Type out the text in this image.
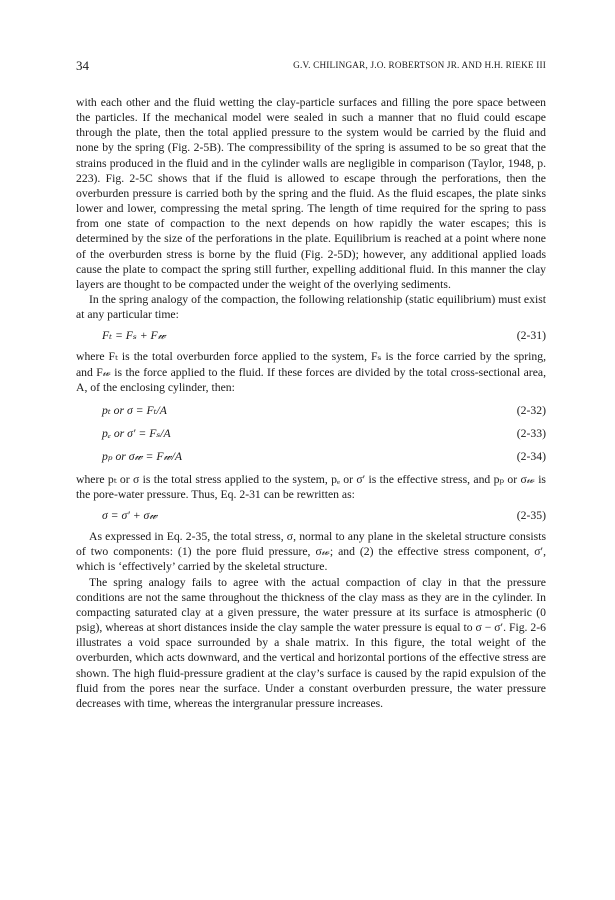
34	G.V. CHILINGAR, J.O. ROBERTSON JR. AND H.H. RIEKE III

with each other and the fluid wetting the clay-particle surfaces and filling the pore space between the particles. If the mechanical model were sealed in such a manner that no fluid could escape through the plate, then the total applied pressure to the system would be carried by the fluid and none by the spring (Fig. 2-5B). The compressibility of the spring is assumed to be so great that the strains produced in the fluid and in the cylinder walls are negligible in comparison (Taylor, 1948, p. 223). Fig. 2-5C shows that if the fluid is allowed to escape through the perforations, then the overburden pressure is carried both by the spring and the fluid. As the fluid escapes, the plate sinks lower and lower, compressing the metal spring. The length of time required for the spring to pass from one state of compaction to the next depends on how rapidly the water escapes; this is determined by the size of the perforations in the plate. Equilibrium is reached at a point where none of the overburden stress is borne by the fluid (Fig. 2-5D); however, any additional applied loads cause the plate to compact the spring still further, expelling additional fluid. In this manner the clay layers are thought to be compacted under the weight of the overlying sediments.

In the spring analogy of the compaction, the following relationship (static equilibrium) must exist at any particular time:

Fₜ = Fₛ + F𝓌	(2-31)

where Fₜ is the total overburden force applied to the system, Fₛ is the force carried by the spring, and F𝓌 is the force applied to the fluid. If these forces are divided by the total cross-sectional area, A, of the enclosing cylinder, then:

pₜ or σ = Fₜ/A	(2-32)
pₑ or σ′ = Fₛ/A	(2-33)
pₚ or σ𝓌 = F𝓌/A	(2-34)

where pₜ or σ is the total stress applied to the system, pₑ or σ′ is the effective stress, and pₚ or σ𝓌 is the pore-water pressure. Thus, Eq. 2-31 can be rewritten as:

σ = σ′ + σ𝓌	(2-35)

As expressed in Eq. 2-35, the total stress, σ, normal to any plane in the skeletal structure consists of two components: (1) the pore fluid pressure, σ𝓌; and (2) the effective stress component, σ′, which is ‘effectively’ carried by the skeletal structure.

The spring analogy fails to agree with the actual compaction of clay in that the pressure conditions are not the same throughout the thickness of the clay mass as they are in the cylinder. In compacting saturated clay at a given pressure, the water pressure at its surface is atmospheric (0 psig), whereas at short distances inside the clay sample the water pressure is equal to σ − σ′. Fig. 2-6 illustrates a void space surrounded by a shale matrix. In this figure, the total weight of the overburden, which acts downward, and the vertical and horizontal portions of the effective stress are shown. The high fluid-pressure gradient at the clay’s surface is caused by the rapid expulsion of the fluid from the pores near the surface. Under a constant overburden pressure, the water pressure decreases with time, whereas the intergranular pressure increases.
